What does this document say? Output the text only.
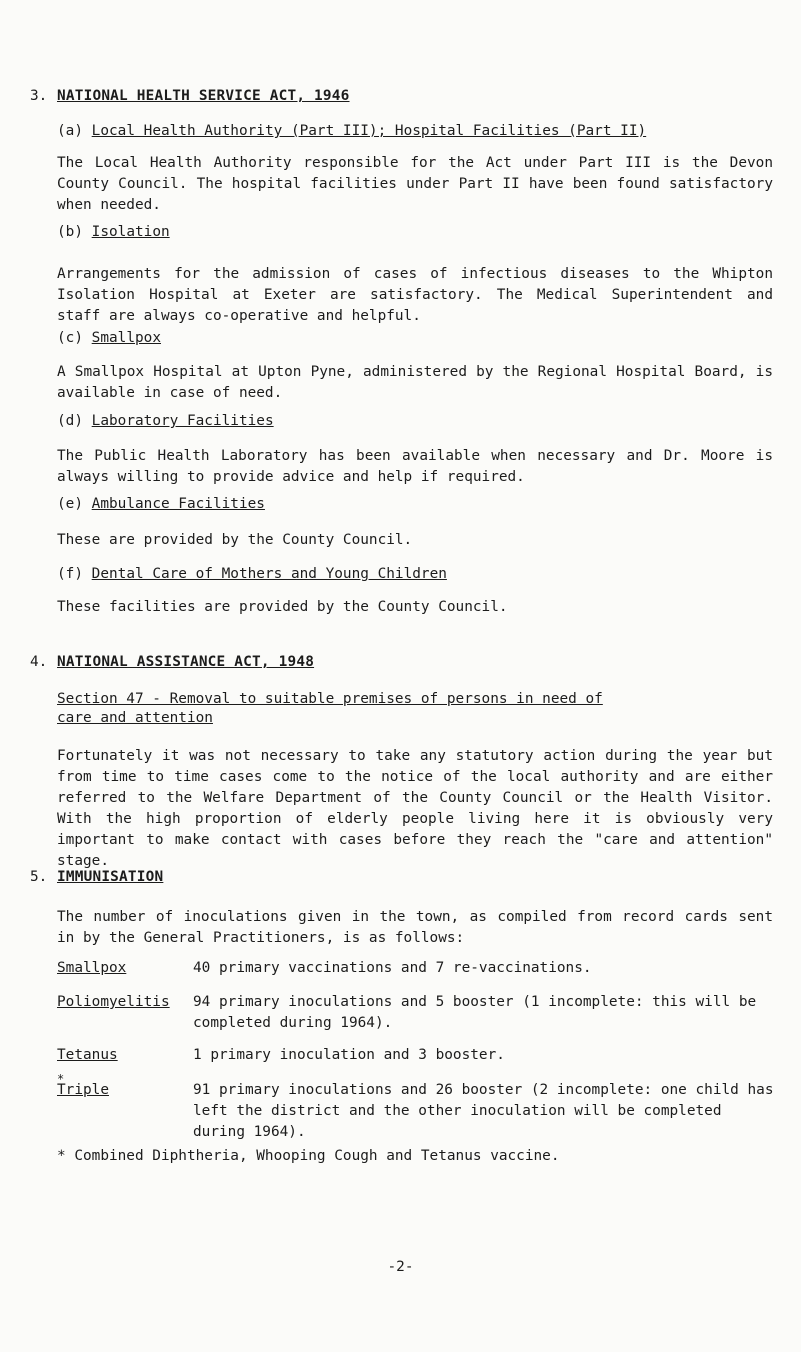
3. NATIONAL HEALTH SERVICE ACT, 1946
(a) Local Health Authority (Part III); Hospital Facilities (Part II)
The Local Health Authority responsible for the Act under Part III is the Devon County Council. The hospital facilities under Part II have been found satisfactory when needed.
(b) Isolation
Arrangements for the admission of cases of infectious diseases to the Whipton Isolation Hospital at Exeter are satisfactory. The Medical Superintendent and staff are always co-operative and helpful.
(c) Smallpox
A Smallpox Hospital at Upton Pyne, administered by the Regional Hospital Board, is available in case of need.
(d) Laboratory Facilities
The Public Health Laboratory has been available when necessary and Dr. Moore is always willing to provide advice and help if required.
(e) Ambulance Facilities
These are provided by the County Council.
(f) Dental Care of Mothers and Young Children
These facilities are provided by the County Council.
4. NATIONAL ASSISTANCE ACT, 1948
Section 47 - Removal to suitable premises of persons in need of
care and attention
Fortunately it was not necessary to take any statutory action during the year but from time to time cases come to the notice of the local authority and are either referred to the Welfare Department of the County Council or the Health Visitor. With the high proportion of elderly people living here it is obviously very important to make contact with cases before they reach the "care and attention" stage.
5. IMMUNISATION
The number of inoculations given in the town, as compiled from record cards sent in by the General Practitioners, is as follows:
Smallpox	40 primary vaccinations and 7 re-vaccinations.
Poliomyelitis 94 primary inoculations and 5 booster (1 incomplete: this will be completed during 1964).
Tetanus	1 primary inoculation and 3 booster.
*
Triple	91 primary inoculations and 26 booster (2 incomplete: one child has left the district and the other inoculation will be completed during 1964).
* Combined Diphtheria, Whooping Cough and Tetanus vaccine.
-2-
